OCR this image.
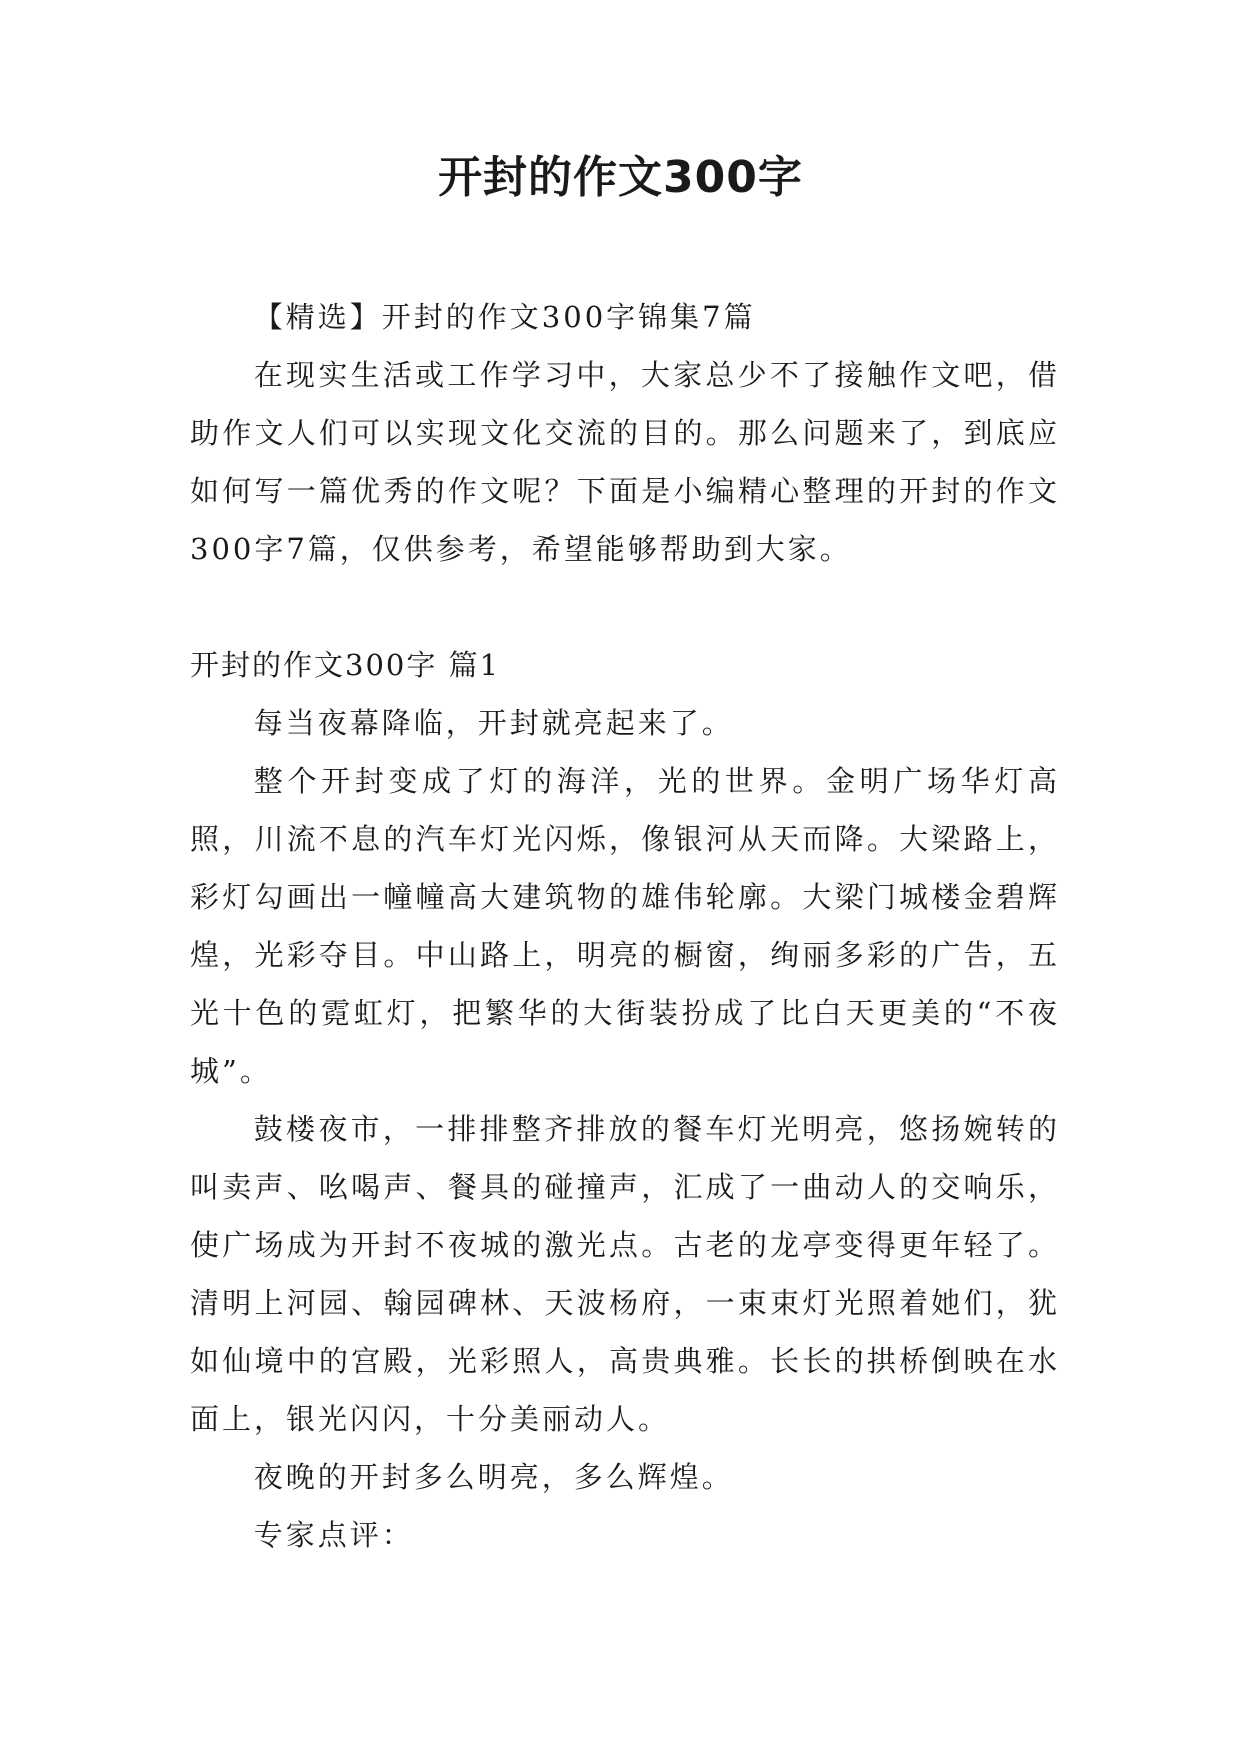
开封的作文300字

【精选】开封的作文300字锦集7篇

在现实生活或工作学习中，大家总少不了接触作文吧，借助作文人们可以实现文化交流的目的。那么问题来了，到底应如何写一篇优秀的作文呢？下面是小编精心整理的开封的作文300字7篇，仅供参考，希望能够帮助到大家。

开封的作文300字 篇1

每当夜幕降临，开封就亮起来了。

整个开封变成了灯的海洋，光的世界。金明广场华灯高照，川流不息的汽车灯光闪烁，像银河从天而降。大梁路上，彩灯勾画出一幢幢高大建筑物的雄伟轮廓。大梁门城楼金碧辉煌，光彩夺目。中山路上，明亮的橱窗，绚丽多彩的广告，五光十色的霓虹灯，把繁华的大街装扮成了比白天更美的“不夜城”。

鼓楼夜市，一排排整齐排放的餐车灯光明亮，悠扬婉转的叫卖声、吆喝声、餐具的碰撞声，汇成了一曲动人的交响乐，使广场成为开封不夜城的激光点。古老的龙亭变得更年轻了。清明上河园、翰园碑林、天波杨府，一束束灯光照着她们，犹如仙境中的宫殿，光彩照人，高贵典雅。长长的拱桥倒映在水面上，银光闪闪，十分美丽动人。

夜晚的开封多么明亮，多么辉煌。

专家点评：
